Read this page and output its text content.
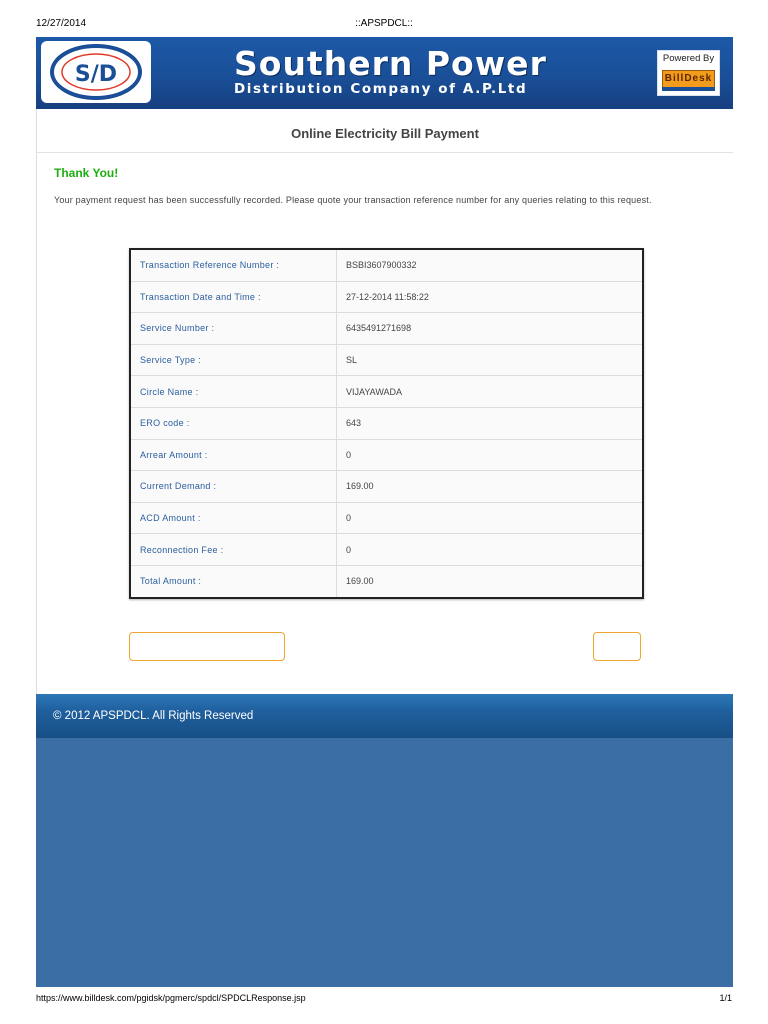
12/27/2014	::APSPDCL::
S/D	Southern Power
Distribution Company of A.P.Ltd
Powered By
BillDesk
Online Electricity Bill Payment
Thank You!
Your payment request has been successfully recorded. Please quote your transaction reference number for any queries relating to this request.
Transaction Reference Number :	BSBI3607900332
Transaction Date and Time :	27-12-2014 11:58:22
Service Number :	6435491271698
Service Type :	SL
Circle Name :	VIJAYAWADA
ERO code :	643
Arrear Amount :	0
Current Demand :	169.00
ACD Amount :	0
Reconnection Fee :	0
Total Amount :	169.00
© 2012 APSPDCL. All Rights Reserved
https://www.billdesk.com/pgidsk/pgmerc/spdcl/SPDCLResponse.jsp	1/1
